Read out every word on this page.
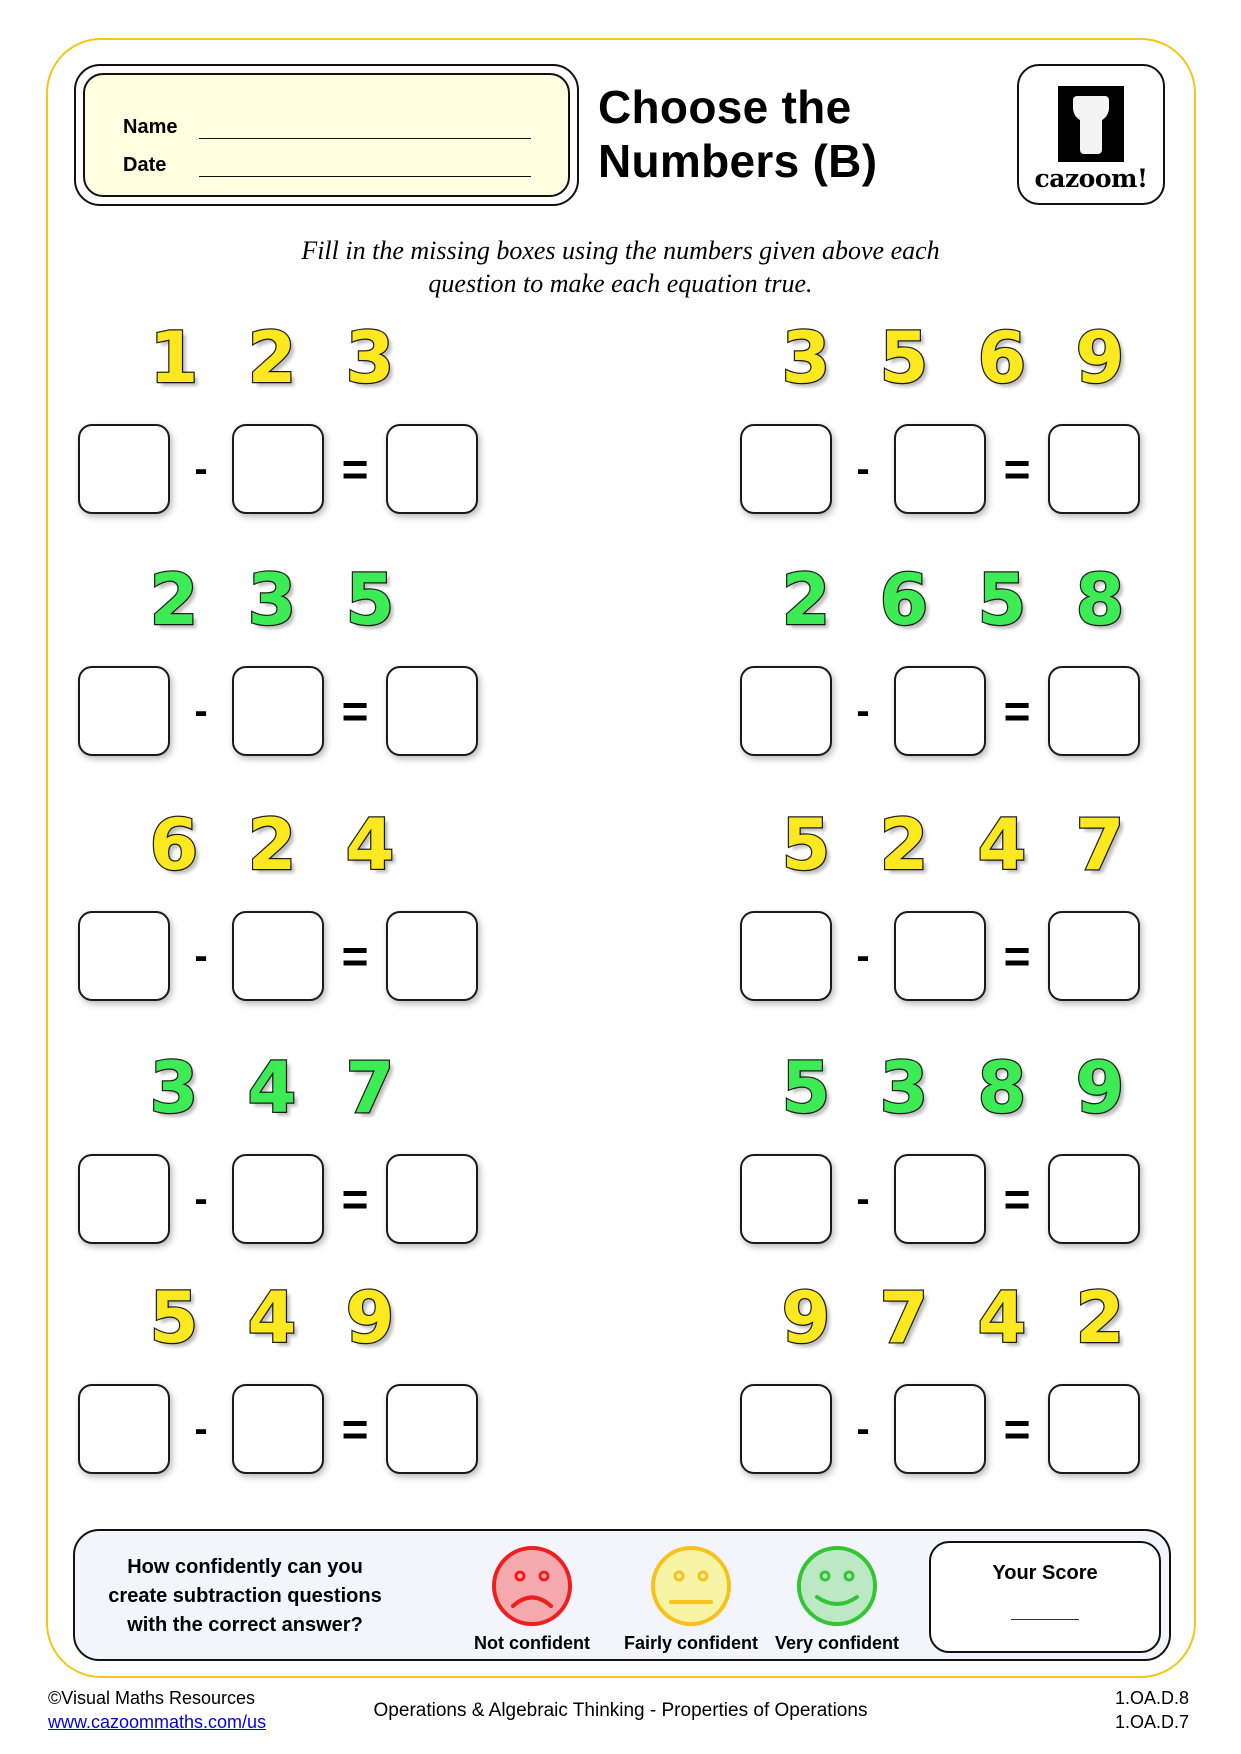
Name
Date
Choose the
Numbers (B)	cazoom!
Fill in the missing boxes using the numbers given above each
question to make each equation true.
1 2 3
-	=
3 5 6 9
-	=
2 3 5
-	=
2 6 5 8
-	=
6 2 4
-	=
5 2 4 7
-	=
3 4 7
-	=
5 3 8 9
-	=
5 4 9
-	=
9 7 4 2
-	=
How confidently can you
create subtraction questions
with the correct answer?
Not confident	Fairly confident Very confident
Your Score
©Visual Maths Resources
www.cazoommaths.com/us
Operations & Algebraic Thinking - Properties of Operations
1.OA.D.8
1.OA.D.7
